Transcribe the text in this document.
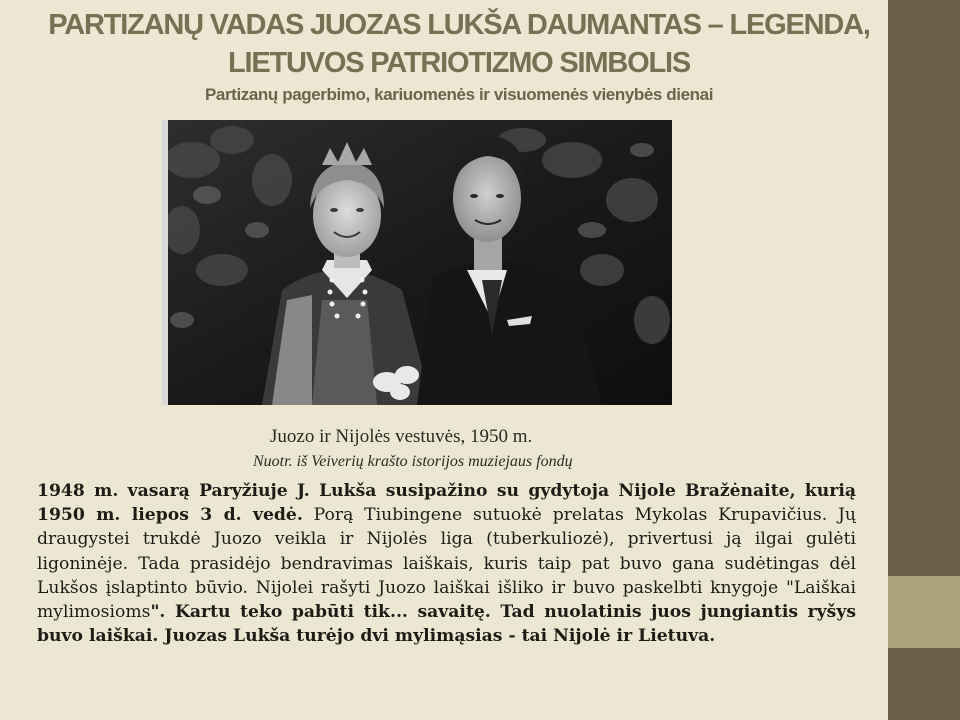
PARTIZANŲ VADAS JUOZAS LUKŠA DAUMANTAS – LEGENDA,
LIETUVOS PATRIOTIZMO SIMBOLIS
Partizanų pagerbimo, kariuomenės ir visuomenės vienybės dienai
Juozo ir Nijolės vestuvės, 1950 m.
Nuotr. iš Veiverių krašto istorijos muziejaus fondų

1948 m. vasarą Paryžiuje J. Lukša susipažino su gydytoja Nijole Bražėnaite, kurią 1950 m. liepos 3 d. vedė. Porą Tiubingene sutuokė prelatas Mykolas Krupavičius. Jų draugystei trukdė Juozo veikla ir Nijolės liga (tuberkuliozė), privertusi ją ilgai gulėti ligoninėje. Tada prasidėjo bendravimas laiškais, kuris taip pat buvo gana sudėtingas dėl Lukšos įslaptinto būvio. Nijolei rašyti Juozo laiškai išliko ir buvo paskelbti knygoje "Laiškai mylimosioms". Kartu teko pabūti tik... savaitę. Tad nuolatinis juos jungiantis ryšys buvo laiškai. Juozas Lukša turėjo dvi mylimąsias - tai Nijolė ir Lietuva.
